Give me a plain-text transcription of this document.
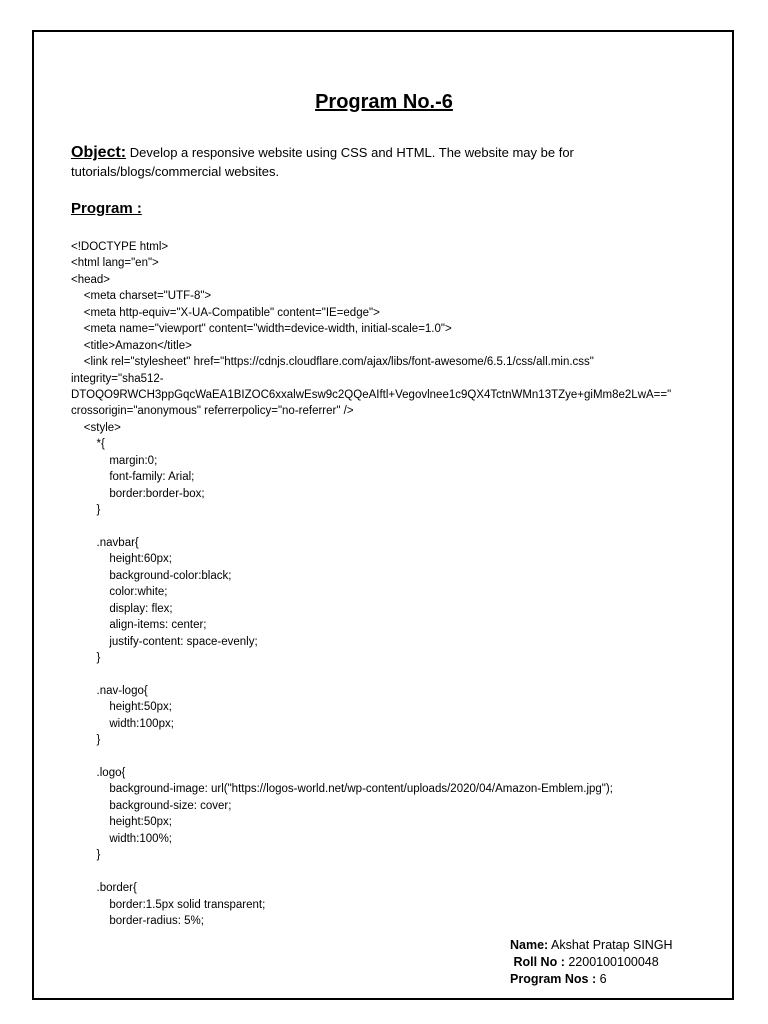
Program No.-6
Object: Develop a responsive website using CSS and HTML. The website may be for tutorials/blogs/commercial websites.
Program :
<!DOCTYPE html>
<html lang="en">
<head>
<meta charset="UTF-8">
<meta http-equiv="X-UA-Compatible" content="IE=edge">
<meta name="viewport" content="width=device-width, initial-scale=1.0">
<title>Amazon</title>
<link rel="stylesheet" href="https://cdnjs.cloudflare.com/ajax/libs/font-awesome/6.5.1/css/all.min.css"
integrity="sha512-
DTOQO9RWCH3ppGqcWaEA1BIZOC6xxalwEsw9c2QQeAIftl+Vegovlnee1c9QX4TctnWMn13TZye+giMm8e2LwA=="
crossorigin="anonymous" referrerpolicy="no-referrer" />
<style>
*{
margin:0;
font-family: Arial;
border:border-box;
}
.navbar{
height:60px;
background-color:black;
color:white;
display: flex;
align-items: center;
justify-content: space-evenly;
}
.nav-logo{
height:50px;
width:100px;
}
.logo{
background-image: url("https://logos-world.net/wp-content/uploads/2020/04/Amazon-Emblem.jpg");
background-size: cover;
height:50px;
width:100%;
}
.border{
border:1.5px solid transparent;
border-radius: 5%;
Name: Akshat Pratap SINGH
Roll No : 2200100100048
Program Nos : 6
